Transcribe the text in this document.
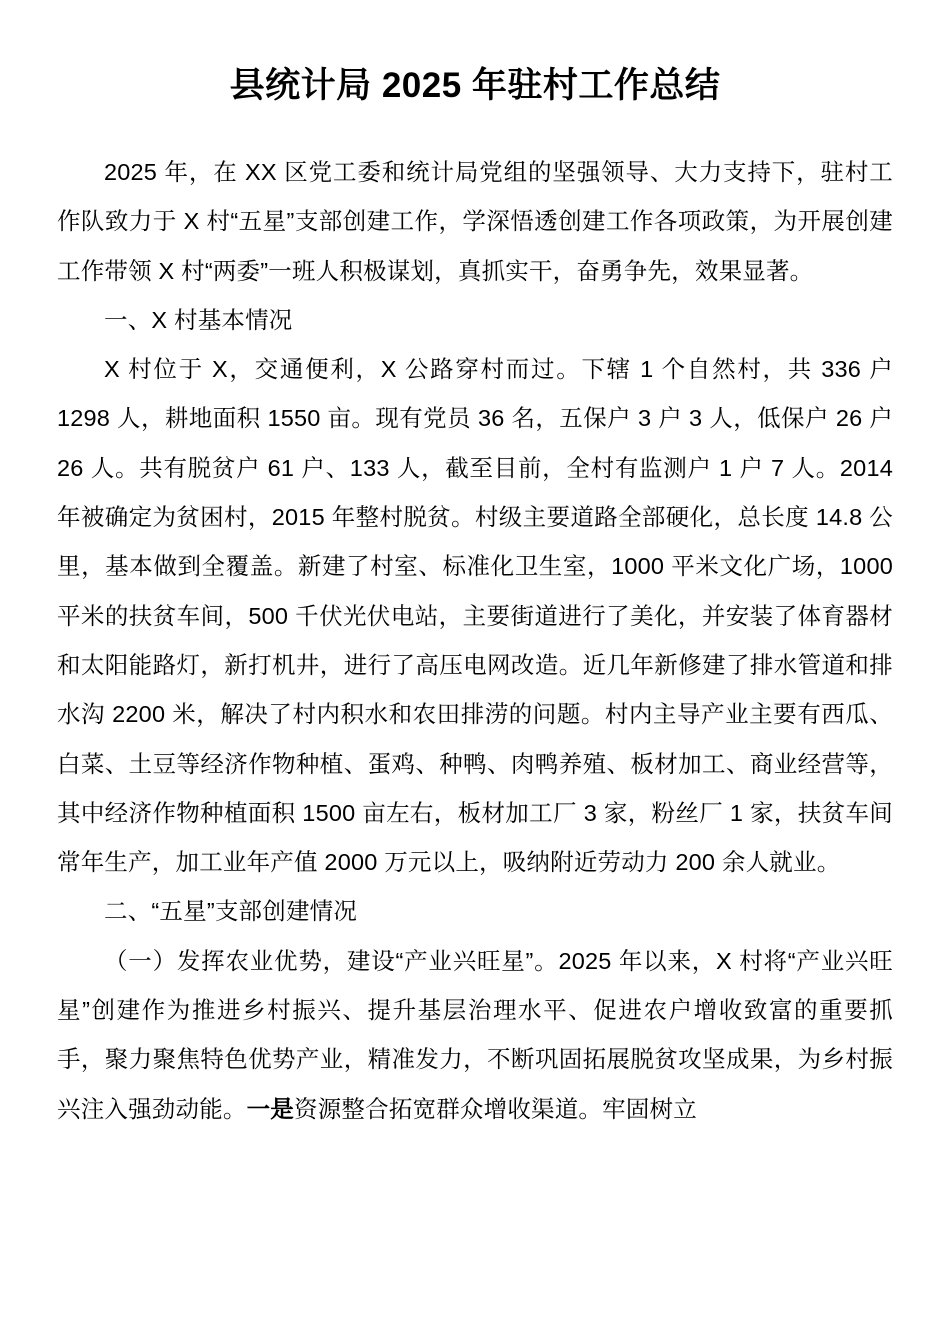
县统计局 2025 年驻村工作总结

2025 年，在 XX 区党工委和统计局党组的坚强领导、大力支持下，驻村工作队致力于 X 村“五星”支部创建工作，学深悟透创建工作各项政策，为开展创建工作带领 X 村“两委”一班人积极谋划，真抓实干，奋勇争先，效果显著。

一、X 村基本情况

X 村位于 X，交通便利，X 公路穿村而过。下辖 1 个自然村，共 336 户 1298 人，耕地面积 1550 亩。现有党员 36 名，五保户 3 户 3 人，低保户 26 户 26 人。共有脱贫户 61 户、133 人，截至目前，全村有监测户 1 户 7 人。2014 年被确定为贫困村，2015 年整村脱贫。村级主要道路全部硬化，总长度 14.8 公里，基本做到全覆盖。新建了村室、标准化卫生室，1000 平米文化广场，1000 平米的扶贫车间，500 千伏光伏电站，主要街道进行了美化，并安装了体育器材和太阳能路灯，新打机井，进行了高压电网改造。近几年新修建了排水管道和排水沟 2200 米，解决了村内积水和农田排涝的问题。村内主导产业主要有西瓜、白菜、土豆等经济作物种植、蛋鸡、种鸭、肉鸭养殖、板材加工、商业经营等，其中经济作物种植面积 1500 亩左右，板材加工厂 3 家，粉丝厂 1 家，扶贫车间常年生产，加工业年产值 2000 万元以上，吸纳附近劳动力 200 余人就业。

二、“五星”支部创建情况

（一）发挥农业优势，建设“产业兴旺星”。2025 年以来，X 村将“产业兴旺星”创建作为推进乡村振兴、提升基层治理水平、促进农户增收致富的重要抓手，聚力聚焦特色优势产业，精准发力，不断巩固拓展脱贫攻坚成果，为乡村振兴注入强劲动能。一是资源整合拓宽群众增收渠道。牢固树立
